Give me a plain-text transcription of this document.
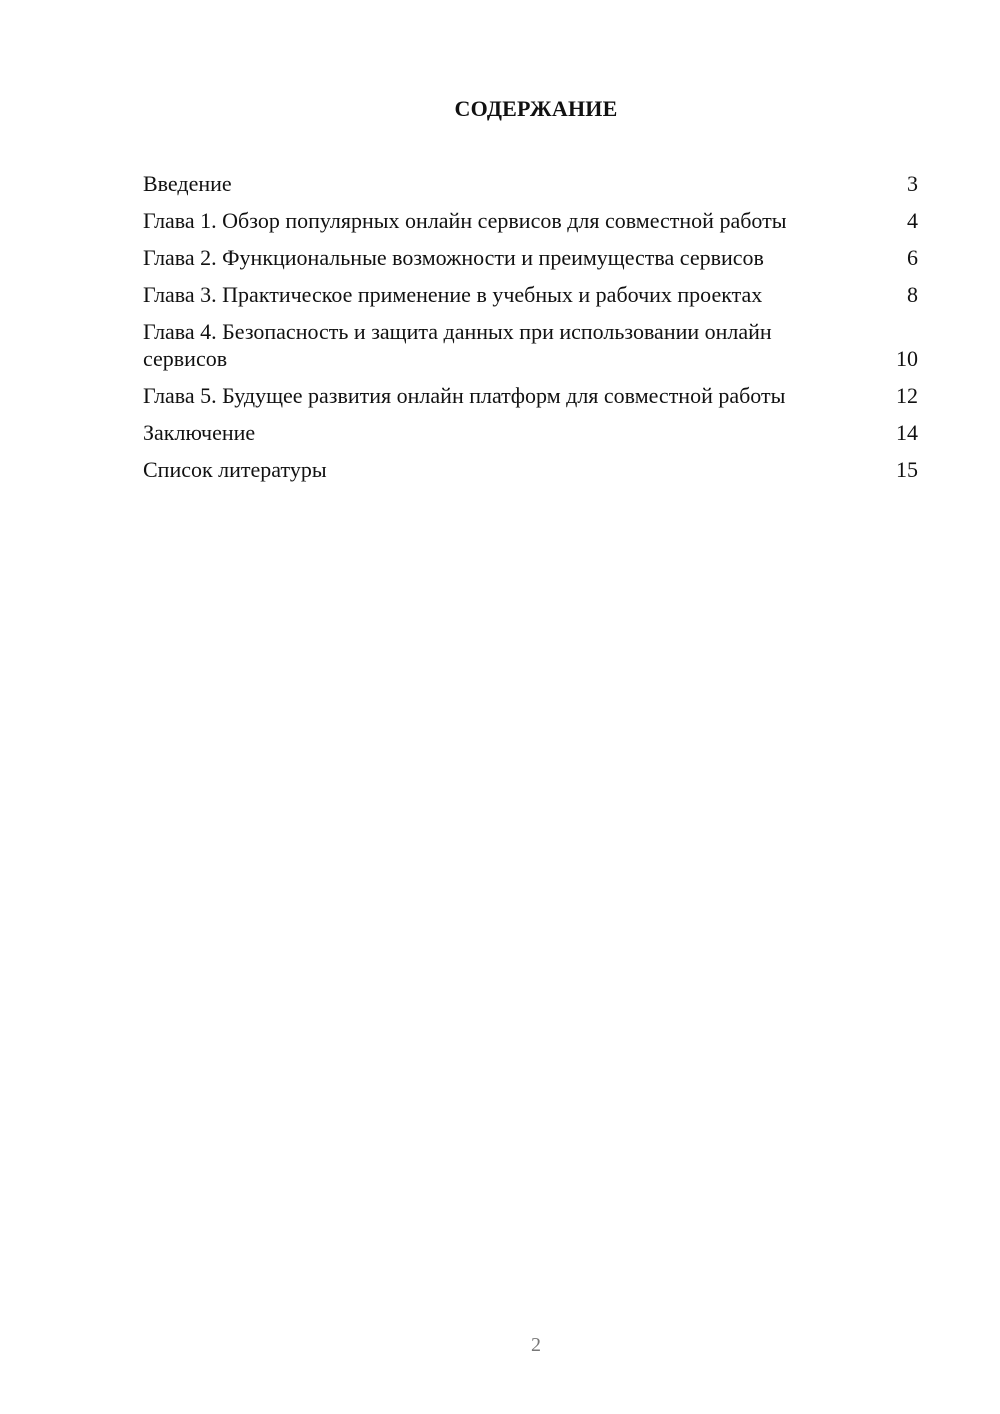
СОДЕРЖАНИЕ
Введение	3
Глава 1. Обзор популярных онлайн сервисов для совместной работы	4
Глава 2. Функциональные возможности и преимущества сервисов	6
Глава 3. Практическое применение в учебных и рабочих проектах	8
Глава 4. Безопасность и защита данных при использовании онлайн сервисов	10
Глава 5. Будущее развития онлайн платформ для совместной работы	12
Заключение	14
Список литературы	15
2
